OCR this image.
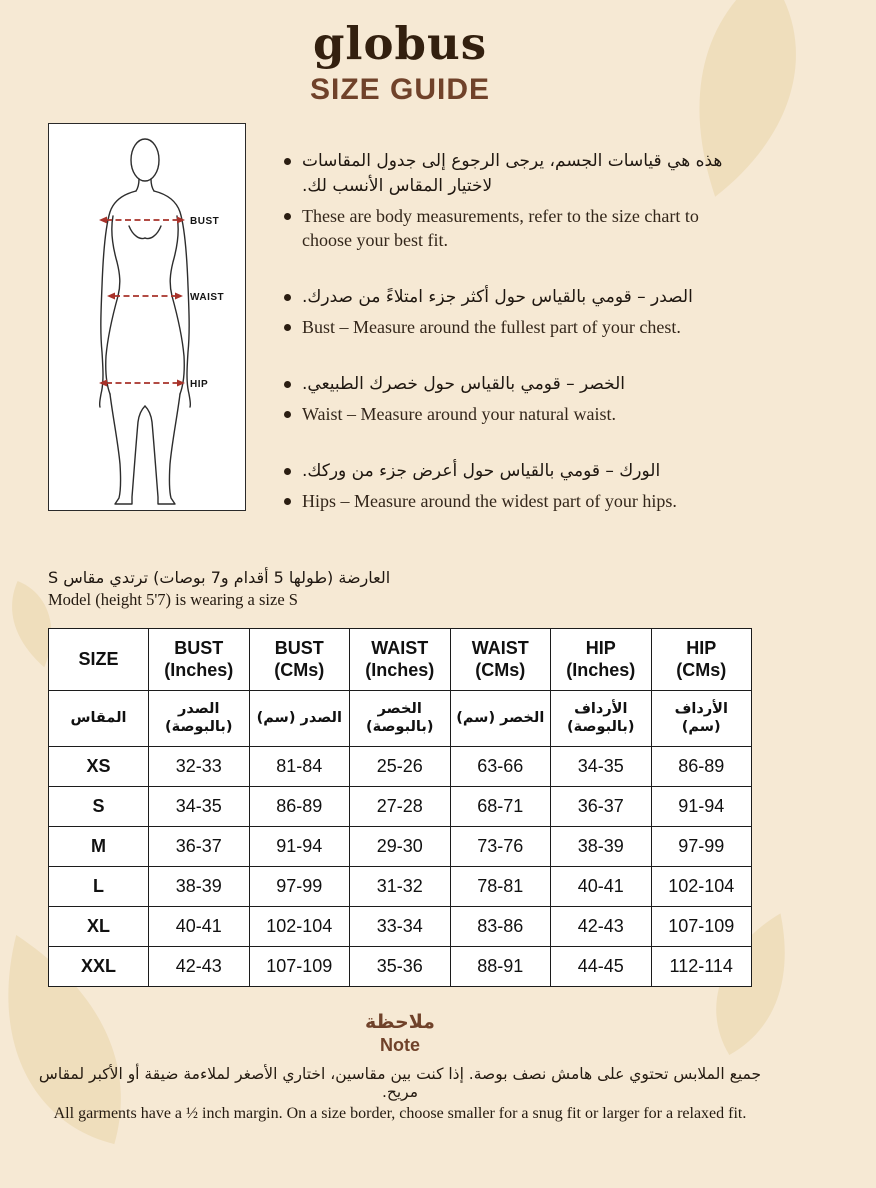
globus
SIZE GUIDE
BUST
WAIST
HIP
هذه هي قياسات الجسم، يرجى الرجوع إلى جدول المقاسات لاختيار المقاس الأنسب لك.
These are body measurements, refer to the size chart to choose your best fit.
الصدر – قومي بالقياس حول أكثر جزء امتلاءً من صدرك.
Bust – Measure around the fullest part of your chest.
الخصر – قومي بالقياس حول خصرك الطبيعي.
Waist – Measure around your natural waist.
الورك – قومي بالقياس حول أعرض جزء من وركك.
Hips – Measure around the widest part of your hips.
العارضة (طولها 5 أقدام و7 بوصات) ترتدي مقاس S
Model (height 5'7) is wearing a size S
SIZE	BUST
(Inches)	BUST
(CMs)	WAIST
(Inches)	WAIST
(CMs)	HIP
(Inches)	HIP
(CMs)
المقاس	الصدر
(بالبوصة)	الصدر (سم)	الخصر
(بالبوصة)	الخصر (سم)	الأرداف
(بالبوصة)	الأرداف (سم)
XS	32-33	81-84	25-26	63-66	34-35	86-89
S	34-35	86-89	27-28	68-71	36-37	91-94
M	36-37	91-94	29-30	73-76	38-39	97-99
L	38-39	97-99	31-32	78-81	40-41	102-104
XL	40-41	102-104	33-34	83-86	42-43	107-109
XXL	42-43	107-109	35-36	88-91	44-45	112-114
ملاحظة
Note
جميع الملابس تحتوي على هامش نصف بوصة. إذا كنت بين مقاسين، اختاري الأصغر لملاءمة ضيقة أو الأكبر لمقاس مريح.
All garments have a ½ inch margin. On a size border, choose smaller for a snug fit or larger for a relaxed fit.
